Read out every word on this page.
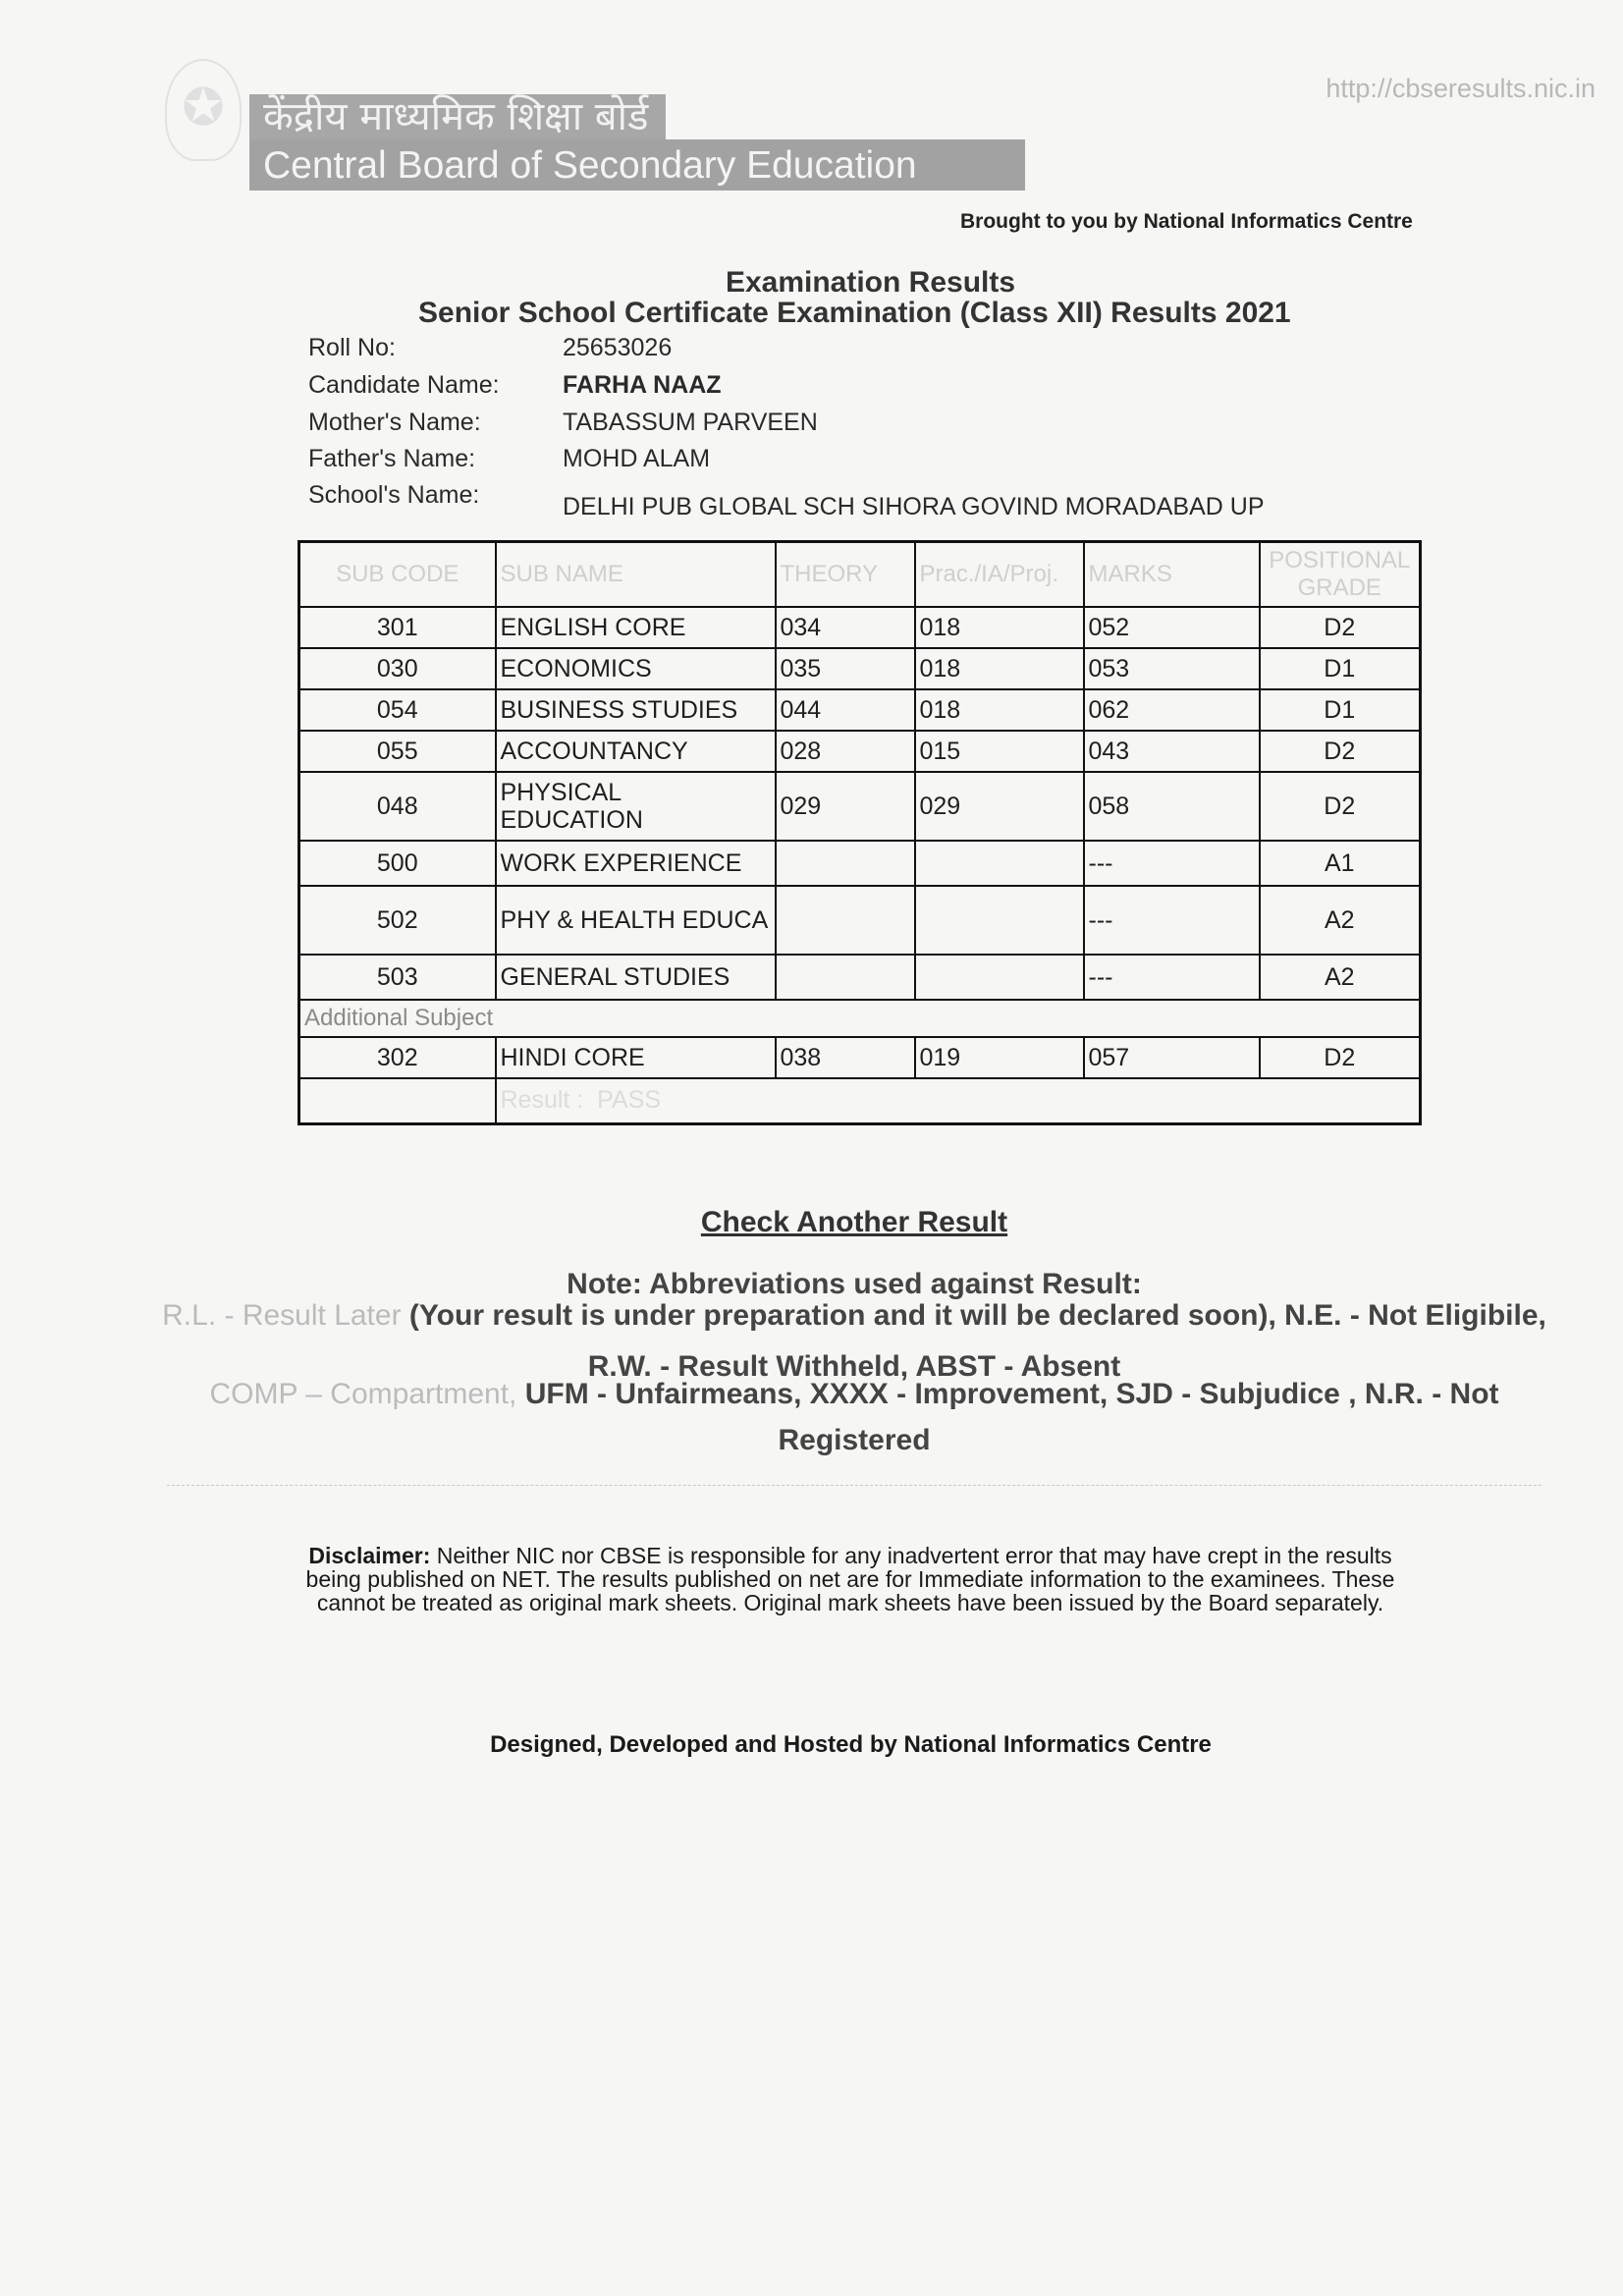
✪ केंद्रीय माध्यमिक शिक्षा बोर्ड
Central Board of Secondary Education
http://cbseresults.nic.in
Brought to you by National Informatics Centre
Examination Results
Senior School Certificate Examination (Class XII) Results 2021
Roll No:	25653026
Candidate Name:	FARHA NAAZ
Mother's Name:	TABASSUM PARVEEN
Father's Name:	MOHD ALAM
School's Name:	DELHI PUB GLOBAL SCH SIHORA GOVIND MORADABAD UP
SUB CODE	SUB NAME	THEORY	Prac./IA/Proj.	MARKS	POSITIONAL GRADE
301	ENGLISH CORE	034	018	052	D2
030	ECONOMICS	035	018	053	D1
054	BUSINESS STUDIES	044	018	062	D1
055	ACCOUNTANCY	028	015	043	D2
048	PHYSICAL EDUCATION	029	029	058	D2
500	WORK EXPERIENCE			---	A1
502	PHY & HEALTH EDUCA			---	A2
503	GENERAL STUDIES			---	A2
Additional Subject					
302	HINDI CORE	038	019	057	D2
	Result : PASS				
Check Another Result
Note: Abbreviations used against Result:
R.L. - Result Later (Your result is under preparation and it will be declared soon), N.E. - Not Eligibile,
R.W. - Result Withheld, ABST - Absent
COMP – Compartment, UFM - Unfairmeans, XXXX - Improvement, SJD - Subjudice , N.R. - Not
Registered
Disclaimer: Neither NIC nor CBSE is responsible for any inadvertent error that may have crept in the results being published on NET. The results published on net are for Immediate information to the examinees. These cannot be treated as original mark sheets. Original mark sheets have been issued by the Board separately.
Designed, Developed and Hosted by National Informatics Centre
